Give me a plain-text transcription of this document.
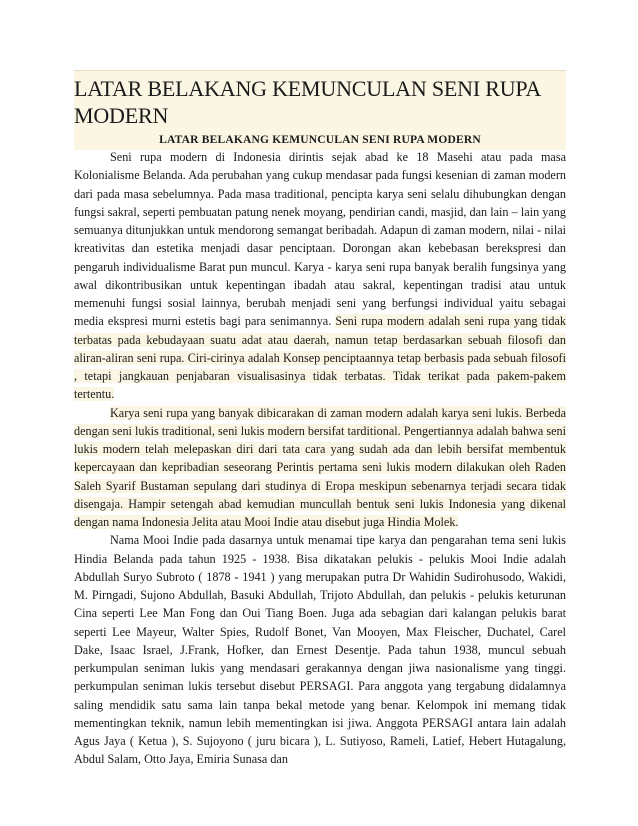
LATAR BELAKANG KEMUNCULAN SENI RUPA MODERN

LATAR BELAKANG KEMUNCULAN SENI RUPA MODERN

Seni rupa modern di Indonesia dirintis sejak abad ke 18 Masehi atau pada masa Kolonialisme Belanda. Ada perubahan yang cukup mendasar pada fungsi kesenian di zaman modern dari pada masa sebelumnya. Pada masa traditional, pencipta karya seni selalu dihubungkan dengan fungsi sakral, seperti pembuatan patung nenek moyang, pendirian candi, masjid, dan lain – lain yang semuanya ditunjukkan untuk mendorong semangat beribadah. Adapun di zaman modern, nilai - nilai kreativitas dan estetika menjadi dasar penciptaan. Dorongan akan kebebasan berekspresi dan pengaruh individualisme Barat pun muncul. Karya - karya seni rupa banyak beralih fungsinya yang awal dikontribusikan untuk kepentingan ibadah atau sakral, kepentingan tradisi atau untuk memenuhi fungsi sosial lainnya, berubah menjadi seni yang berfungsi individual yaitu sebagai media ekspresi murni estetis bagi para senimannya. Seni rupa modern adalah seni rupa yang tidak terbatas pada kebudayaan suatu adat atau daerah, namun tetap berdasarkan sebuah filosofi dan aliran-aliran seni rupa. Ciri-cirinya adalah Konsep penciptaannya tetap berbasis pada sebuah filosofi , tetapi jangkauan penjabaran visualisasinya tidak terbatas. Tidak terikat pada pakem-pakem tertentu.

Karya seni rupa yang banyak dibicarakan di zaman modern adalah karya seni lukis. Berbeda dengan seni lukis traditional, seni lukis modern bersifat tarditional. Pengertiannya adalah bahwa seni lukis modern telah melepaskan diri dari tata cara yang sudah ada dan lebih bersifat membentuk kepercayaan dan kepribadian seseorang Perintis pertama seni lukis modern dilakukan oleh Raden Saleh Syarif Bustaman sepulang dari studinya di Eropa meskipun sebenarnya terjadi secara tidak disengaja. Hampir setengah abad kemudian muncullah bentuk seni lukis Indonesia yang dikenal dengan nama Indonesia Jelita atau Mooi Indie atau disebut juga Hindia Molek.

Nama Mooi Indie pada dasarnya untuk menamai tipe karya dan pengarahan tema seni lukis Hindia Belanda pada tahun 1925 - 1938. Bisa dikatakan pelukis - pelukis Mooi Indie adalah Abdullah Suryo Subroto ( 1878 - 1941 ) yang merupakan putra Dr Wahidin Sudirohusodo, Wakidi, M. Pirngadi, Sujono Abdullah, Basuki Abdullah, Trijoto Abdullah, dan pelukis - pelukis keturunan Cina seperti Lee Man Fong dan Oui Tiang Boen. Juga ada sebagian dari kalangan pelukis barat seperti Lee Mayeur, Walter Spies, Rudolf Bonet, Van Mooyen, Max Fleischer, Duchatel, Carel Dake, Isaac Israel, J.Frank, Hofker, dan Ernest Desentje. Pada tahun 1938, muncul sebuah perkumpulan seniman lukis yang mendasari gerakannya dengan jiwa nasionalisme yang tinggi. perkumpulan seniman lukis tersebut disebut PERSAGI. Para anggota yang tergabung didalamnya saling mendidik satu sama lain tanpa bekal metode yang benar. Kelompok ini memang tidak mementingkan teknik, namun lebih mementingkan isi jiwa. Anggota PERSAGI antara lain adalah Agus Jaya ( Ketua ), S. Sujoyono ( juru bicara ), L. Sutiyoso, Rameli, Latief, Hebert Hutagalung, Abdul Salam, Otto Jaya, Emiria Sunasa dan
